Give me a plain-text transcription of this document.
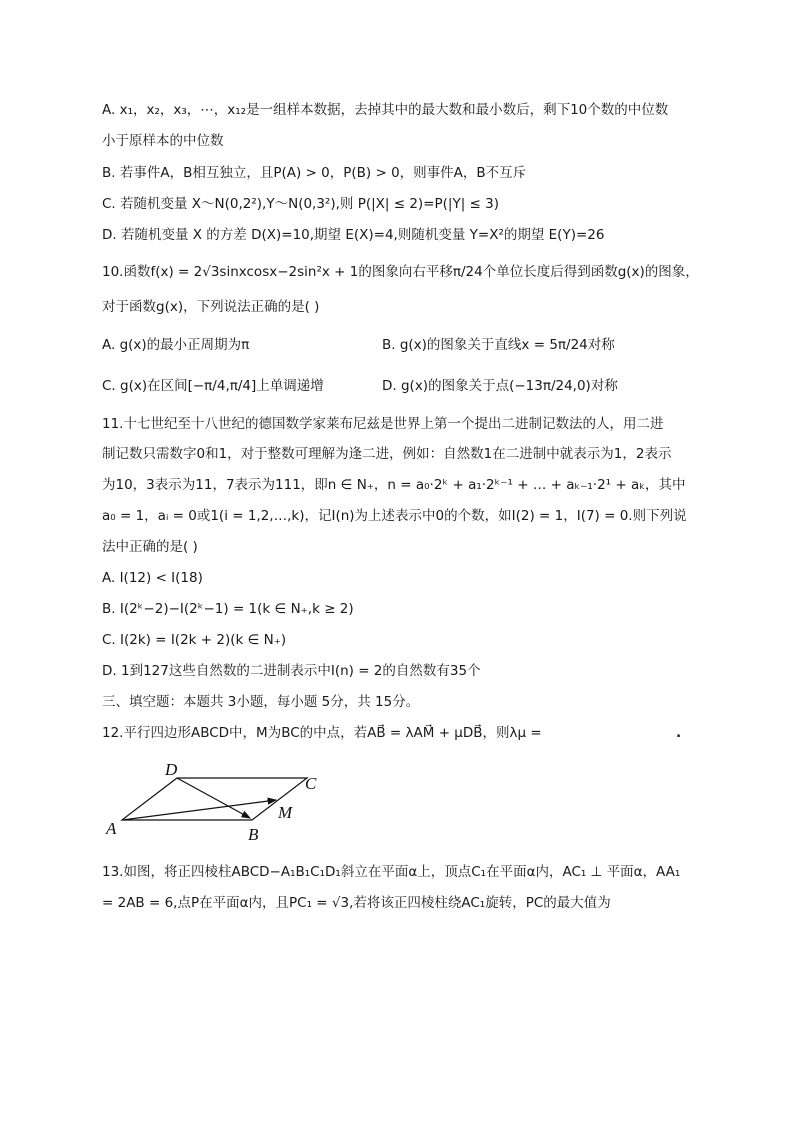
A. x₁，x₂，x₃，⋯，x₁₂是一组样本数据，去掉其中的最大数和最小数后，剩下10个数的中位数
小于原样本的中位数
B. 若事件A，B相互独立，且P(A) > 0，P(B) > 0，则事件A，B不互斥
C. 若随机变量 X～N(0,2²),Y～N(0,3²),则 P(|X| ≤ 2)=P(|Y| ≤ 3)
D. 若随机变量 X 的方差 D(X)=10,期望 E(X)=4,则随机变量 Y=X²的期望 E(Y)=26
10.函数f(x) = 2√3sinxcosx−2sin²x + 1的图象向右平移π/24个单位长度后得到函数g(x)的图象，
对于函数g(x)，下列说法正确的是( )
A. g(x)的最小正周期为π	B. g(x)的图象关于直线x = 5π/24对称
C. g(x)在区间[−π/4,π/4]上单调递增	D. g(x)的图象关于点(−13π/24,0)对称
11.十七世纪至十八世纪的德国数学家莱布尼兹是世界上第一个提出二进制记数法的人，用二进
制记数只需数字0和1，对于整数可理解为逢二进，例如：自然数1在二进制中就表示为1，2表示
为10，3表示为11，7表示为111，即n ∈ N₊，n = a₀·2ᵏ + a₁·2ᵏ⁻¹ + … + aₖ₋₁·2¹ + aₖ，其中
a₀ = 1，aᵢ = 0或1(i = 1,2,…,k)，记I(n)为上述表示中0的个数，如I(2) = 1，I(7) = 0.则下列说
法中正确的是( )
A. I(12) < I(18)
B. I(2ᵏ−2)−I(2ᵏ−1) = 1(k ∈ N₊,k ≥ 2)
C. I(2k) = I(2k + 2)(k ∈ N₊)
D. 1到127这些自然数的二进制表示中I(n) = 2的自然数有35个
三、填空题：本题共 3小题，每小题 5分，共 15分。
12.平行四边形ABCD中，M为BC的中点，若AB⃗ = λAM⃗ + μDB⃗，则λμ =	.
A	B
C
D
M
13.如图，将正四棱柱ABCD−A₁B₁C₁D₁斜立在平面α上，顶点C₁在平面α内，AC₁ ⊥ 平面α，AA₁
= 2AB = 6,点P在平面α内，且PC₁ = √3,若将该正四棱柱绕AC₁旋转，PC的最大值为
